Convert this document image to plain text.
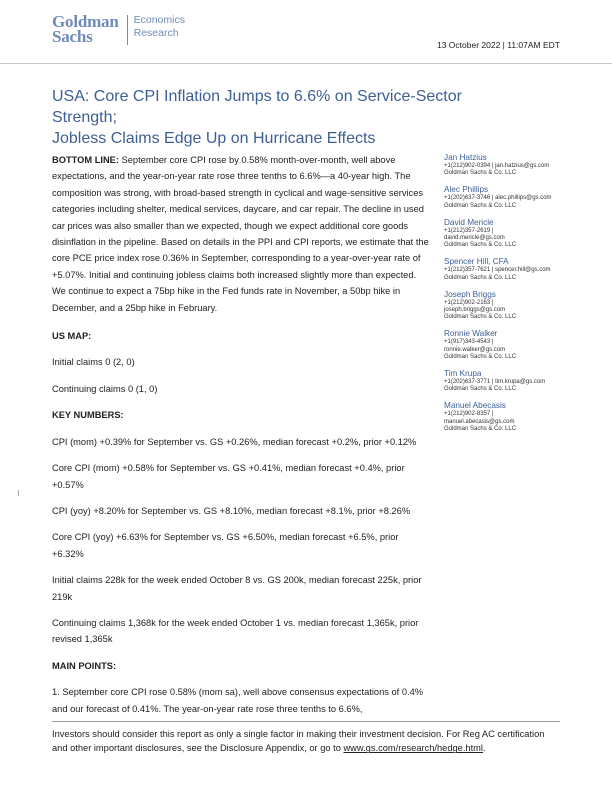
Goldman
Sachs
Economics
Research
13 October 2022 | 11:07AM EDT
USA: Core CPI Inflation Jumps to 6.6% on Service-Sector Strength;
Jobless Claims Edge Up on Hurricane Effects

BOTTOM LINE: September core CPI rose by 0.58% month-over-month, well above expectations, and the year-on-year rate rose three tenths to 6.6%—a 40-year high. The composition was strong, with broad-based strength in cyclical and wage-sensitive services categories including shelter, medical services, daycare, and car repair. The decline in used car prices was also smaller than we expected, though we expect additional core goods disinflation in the pipeline. Based on details in the PPI and CPI reports, we estimate that the core PCE price index rose 0.36% in September, corresponding to a year-over-year rate of +5.07%. Initial and continuing jobless claims both increased slightly more than expected. We continue to expect a 75bp hike in the Fed funds rate in November, a 50bp hike in December, and a 25bp hike in February.

US MAP:

Initial claims 0 (2, 0)

Continuing claims 0 (1, 0)

KEY NUMBERS:

CPI (mom) +0.39% for September vs. GS +0.26%, median forecast +0.2%, prior +0.12%

Core CPI (mom) +0.58% for September vs. GS +0.41%, median forecast +0.4%, prior +0.57%

CPI (yoy) +8.20% for September vs. GS +8.10%, median forecast +8.1%, prior +8.26%

Core CPI (yoy) +6.63% for September vs. GS +6.50%, median forecast +6.5%, prior +6.32%

Initial claims 228k for the week ended October 8 vs. GS 200k, median forecast 225k, prior 219k

Continuing claims 1,368k for the week ended October 1 vs. median forecast 1,365k, prior revised 1,365k

MAIN POINTS:

1. September core CPI rose 0.58% (mom sa), well above consensus expectations of 0.4% and our forecast of 0.41%. The year-on-year rate rose three tenths to 6.6%,

Jan Hatzius
+1(212)902-0394 | jan.hatzius@gs.com
Goldman Sachs & Co. LLC
Alec Phillips
+1(202)637-3746 | alec.phillips@gs.com
Goldman Sachs & Co. LLC
David Mericle
+1(212)357-2619 |
david.mericle@gs.com
Goldman Sachs & Co. LLC
Spencer Hill, CFA
+1(212)357-7621 | spencer.hill@gs.com
Goldman Sachs & Co. LLC
Joseph Briggs
+1(212)902-2163 |
joseph.briggs@gs.com
Goldman Sachs & Co. LLC
Ronnie Walker
+1(917)343-4543 |
ronnie.walker@gs.com
Goldman Sachs & Co. LLC
Tim Krupa
+1(202)637-3771 | tim.krupa@gs.com
Goldman Sachs & Co. LLC
Manuel Abecasis
+1(212)902-8357 |
manuel.abecasis@gs.com
Goldman Sachs & Co. LLC
Investors should consider this report as only a single factor in making their investment decision. For Reg AC certification and other important disclosures, see the Disclosure Appendix, or go to www.gs.com/research/hedge.html.
